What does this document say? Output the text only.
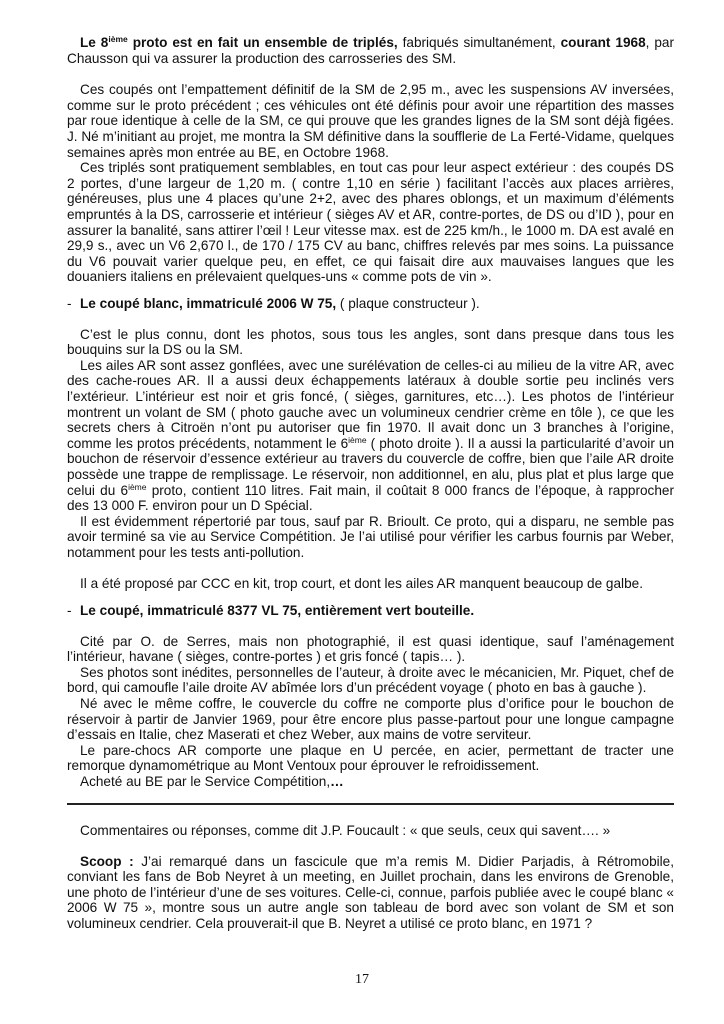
Le 8ième proto est en fait un ensemble de triplés, fabriqués simultanément, courant 1968, par Chausson qui va assurer la production des carrosseries des SM.

Ces coupés ont l’empattement définitif de la SM de 2,95 m., avec les suspensions AV inversées, comme sur le proto précédent ; ces véhicules ont été définis pour avoir une répartition des masses par roue identique à celle de la SM, ce qui prouve que les grandes lignes de la SM sont déjà figées. J. Né m’initiant au projet, me montra la SM définitive dans la soufflerie de La Ferté-Vidame, quelques semaines après mon entrée au BE, en Octobre 1968.

Ces triplés sont pratiquement semblables, en tout cas pour leur aspect extérieur : des coupés DS 2 portes, d’une largeur de 1,20 m. ( contre 1,10 en série ) facilitant l’accès aux places arrières, généreuses, plus une 4 places qu’une 2+2, avec des phares oblongs, et un maximum d’éléments empruntés à la DS, carrosserie et intérieur ( sièges AV et AR, contre-portes, de DS ou d’ID ), pour en assurer la banalité, sans attirer l’œil ! Leur vitesse max. est de 225 km/h., le 1000 m. DA est avalé en 29,9 s., avec un V6 2,670 l., de 170 / 175 CV au banc, chiffres relevés par mes soins. La puissance du V6 pouvait varier quelque peu, en effet, ce qui faisait dire aux mauvaises langues que les douaniers italiens en prélevaient quelques-uns « comme pots de vin ».

- Le coupé blanc, immatriculé 2006 W 75, ( plaque constructeur ).

C’est le plus connu, dont les photos, sous tous les angles, sont dans presque dans tous les bouquins sur la DS ou la SM.

Les ailes AR sont assez gonflées, avec une surélévation de celles-ci au milieu de la vitre AR, avec des cache-roues AR. Il a aussi deux échappements latéraux à double sortie peu inclinés vers l’extérieur. L’intérieur est noir et gris foncé, ( sièges, garnitures, etc…). Les photos de l’intérieur montrent un volant de SM ( photo gauche avec un volumineux cendrier crème en tôle ), ce que les secrets chers à Citroën n’ont pu autoriser que fin 1970. Il avait donc un 3 branches à l’origine, comme les protos précédents, notamment le 6ième ( photo droite ). Il a aussi la particularité d’avoir un bouchon de réservoir d’essence extérieur au travers du couvercle de coffre, bien que l’aile AR droite possède une trappe de remplissage. Le réservoir, non additionnel, en alu, plus plat et plus large que celui du 6ième proto, contient 110 litres. Fait main, il coûtait 8 000 francs de l’époque, à rapprocher des 13 000 F. environ pour un D Spécial.

Il est évidemment répertorié par tous, sauf par R. Brioult. Ce proto, qui a disparu, ne semble pas avoir terminé sa vie au Service Compétition. Je l’ai utilisé pour vérifier les carbus fournis par Weber, notamment pour les tests anti-pollution.

Il a été proposé par CCC en kit, trop court, et dont les ailes AR manquent beaucoup de galbe.

- Le coupé, immatriculé 8377 VL 75, entièrement vert bouteille.

Cité par O. de Serres, mais non photographié, il est quasi identique, sauf l’aménagement l’intérieur, havane ( sièges, contre-portes ) et gris foncé ( tapis… ).

Ses photos sont inédites, personnelles de l’auteur, à droite avec le mécanicien, Mr. Piquet, chef de bord, qui camoufle l’aile droite AV abîmée lors d’un précédent voyage ( photo en bas à gauche ).

Né avec le même coffre, le couvercle du coffre ne comporte plus d’orifice pour le bouchon de réservoir à partir de Janvier 1969, pour être encore plus passe-partout pour une longue campagne d’essais en Italie, chez Maserati et chez Weber, aux mains de votre serviteur.

Le pare-chocs AR comporte une plaque en U percée, en acier, permettant de tracter une remorque dynamométrique au Mont Ventoux pour éprouver le refroidissement.

Acheté au BE par le Service Compétition,…

Commentaires ou réponses, comme dit J.P. Foucault : « que seuls, ceux qui savent…. »

Scoop : J’ai remarqué dans un fascicule que m’a remis M. Didier Parjadis, à Rétromobile, conviant les fans de Bob Neyret à un meeting, en Juillet prochain, dans les environs de Grenoble, une photo de l’intérieur d’une de ses voitures. Celle-ci, connue, parfois publiée avec le coupé blanc « 2006 W 75 », montre sous un autre angle son tableau de bord avec son volant de SM et son volumineux cendrier. Cela prouverait-il que B. Neyret a utilisé ce proto blanc, en 1971 ?

17
